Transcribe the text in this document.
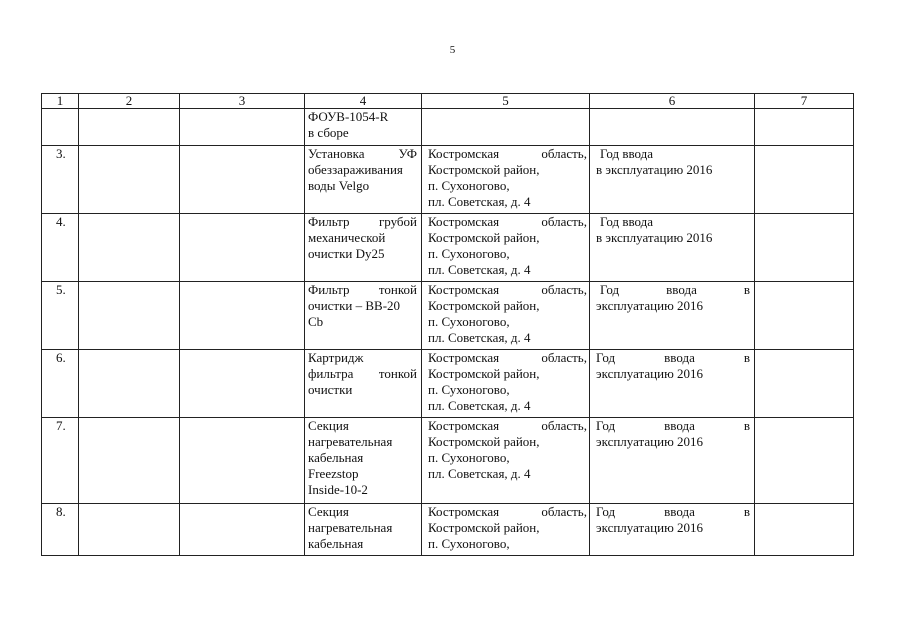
5
1	2	3	4	5	6	7

			ФОУВ-1054-R
в сборе			

3.			Установка УФ
обеззараживания
воды Velgo	Костромская область,
Костромской район,
п. Сухоногово,
пл. Советская, д. 4	Год ввода
в эксплуатацию 2016	

4.			Фильтр грубой
механической
очистки Dy25	Костромская область,
Костромской район,
п. Сухоногово,
пл. Советская, д. 4	Год ввода
в эксплуатацию 2016	

5.			Фильтр тонкой
очистки – ВВ-20
Cb	Костромская область,
Костромской район,
п. Сухоногово,
пл. Советская, д. 4	Год ввода в
эксплуатацию 2016	

6.			Картридж
фильтра тонкой
очистки	Костромская область,
Костромской район,
п. Сухоногово,
пл. Советская, д. 4	Год ввода в
эксплуатацию 2016	

7.			Секция
нагревательная
кабельная
Freezstop
Inside-10-2	Костромская область,
Костромской район,
п. Сухоногово,
пл. Советская, д. 4	Год ввода в
эксплуатацию 2016	

8.			Секция
нагревательная
кабельная	Костромская область,
Костромской район,
п. Сухоногово,	Год ввода в
эксплуатацию 2016	
